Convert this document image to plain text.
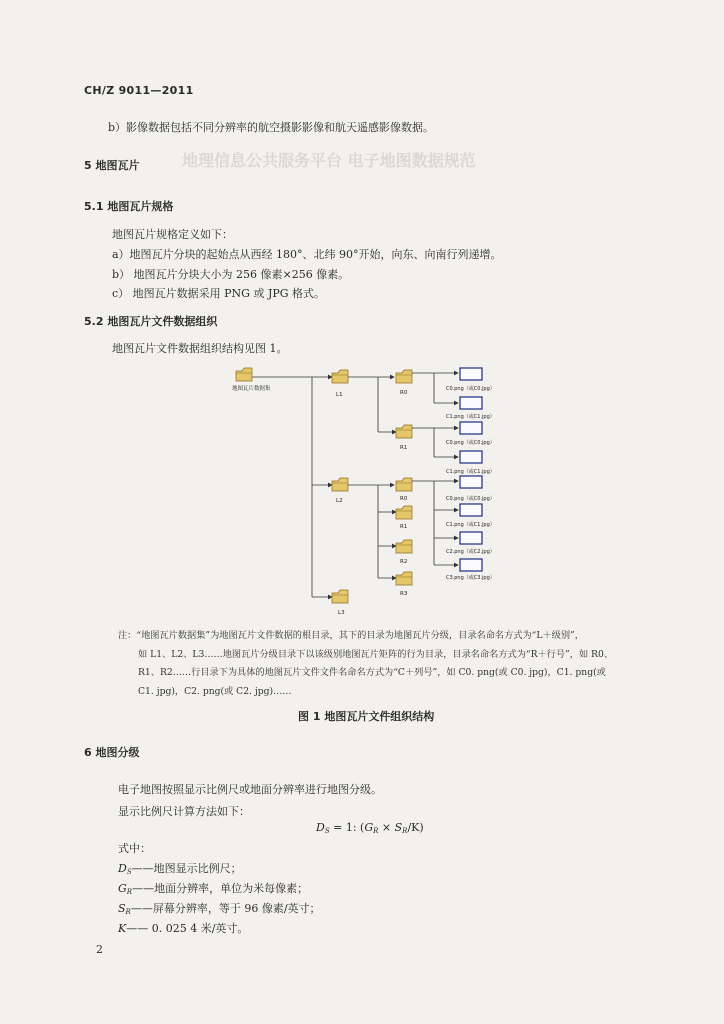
地理信息公共服务平台 电子地图数据规范
CH/Z 9011—2011
b）影像数据包括不同分辨率的航空摄影影像和航天遥感影像数据。
5 地图瓦片
5.1 地图瓦片规格
地图瓦片规格定义如下：
a）地图瓦片分块的起始点从西经 180°、北纬 90°开始，向东、向南行列递增。
b） 地图瓦片分块大小为 256 像素×256 像素。
c） 地图瓦片数据采用 PNG 或 JPG 格式。
5.2 地图瓦片文件数据组织
地图瓦片文件数据组织结构见图 1。
地图瓦片数据集
L1	R0
C0.png（或C0.jpg）
C1.png（或C1.jpg）
R1
C0.png（或C0.jpg）
C1.png（或C1.jpg）
L2	R0
R1
R2
R3
C0.png（或C0.jpg）
C1.png（或C1.jpg）
C2.png（或C2.jpg）
C3.png（或C3.jpg）
L3
注：“地图瓦片数据集”为地图瓦片文件数据的根目录，其下的目录为地图瓦片分级，目录名命名方式为“L＋级别”，
如 L1、L2、L3……地图瓦片分级目录下以该级别地图瓦片矩阵的行为目录，目录名命名方式为“R＋行号”，如 R0、
R1、R2……行目录下为具体的地图瓦片文件文件名命名方式为“C＋列号”，如 C0. png(或 C0. jpg)，C1. png(或
C1. jpg)，C2. png(或 C2. jpg)……
图 1 地图瓦片文件组织结构
6 地图分级
电子地图按照显示比例尺或地面分辨率进行地图分级。
显示比例尺计算方法如下：
$D_S = 1$: $(G_R \times S_R/K)$
式中：
$D_S——$地图显示比例尺；
$G_R——$地面分辨率，单位为米每像素；
$S_R——$屏幕分辨率，等于 96 像素/英寸；
K—— 0. 025 4 米/英寸。
2
